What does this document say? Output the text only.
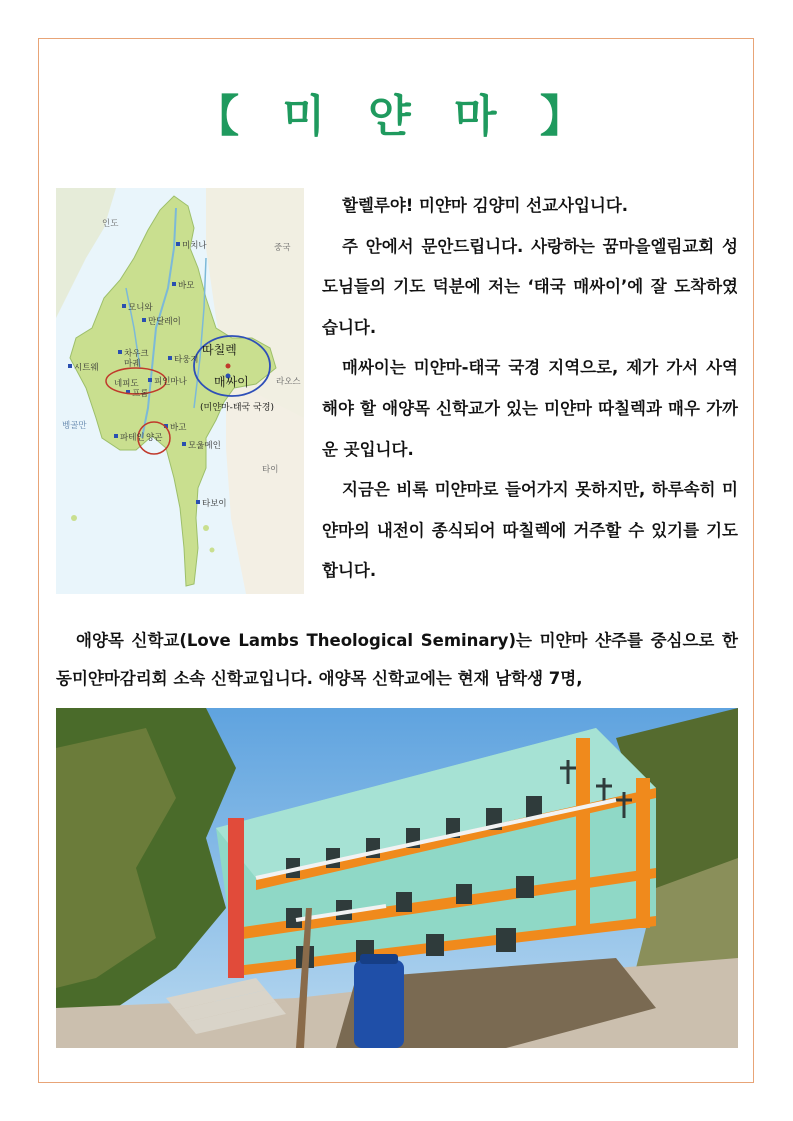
【 미 얀 마 】
인도
중국
라오스
타이
벵골만
미치나
바모
모니와
만달레이
시트웨
차우크
마궤	타웅지
네피도 피인마나
프롬
파테인 양곤
바고
모울메인
타보이
따칠렉
매싸이
(미얀마-태국 국경)

할렐루야! 미얀마 김양미 선교사입니다.

주 안에서 문안드립니다. 사랑하는 꿈마을엘림교회 성도님들의 기도 덕분에 저는 ‘태국 매싸이’에 잘 도착하였습니다.

매싸이는 미얀마-태국 국경 지역으로, 제가 가서 사역해야 할 애양목 신학교가 있는 미얀마 따칠렉과 매우 가까운 곳입니다.

지금은 비록 미얀마로 들어가지 못하지만, 하루속히 미얀마의 내전이 종식되어 따칠렉에 거주할 수 있기를 기도합니다.

애양목 신학교(Love Lambs Theological Seminary)는 미얀마 샨주를 중심으로 한 동미얀마감리회 소속 신학교입니다. 애양목 신학교에는 현재 남학생 7명,
